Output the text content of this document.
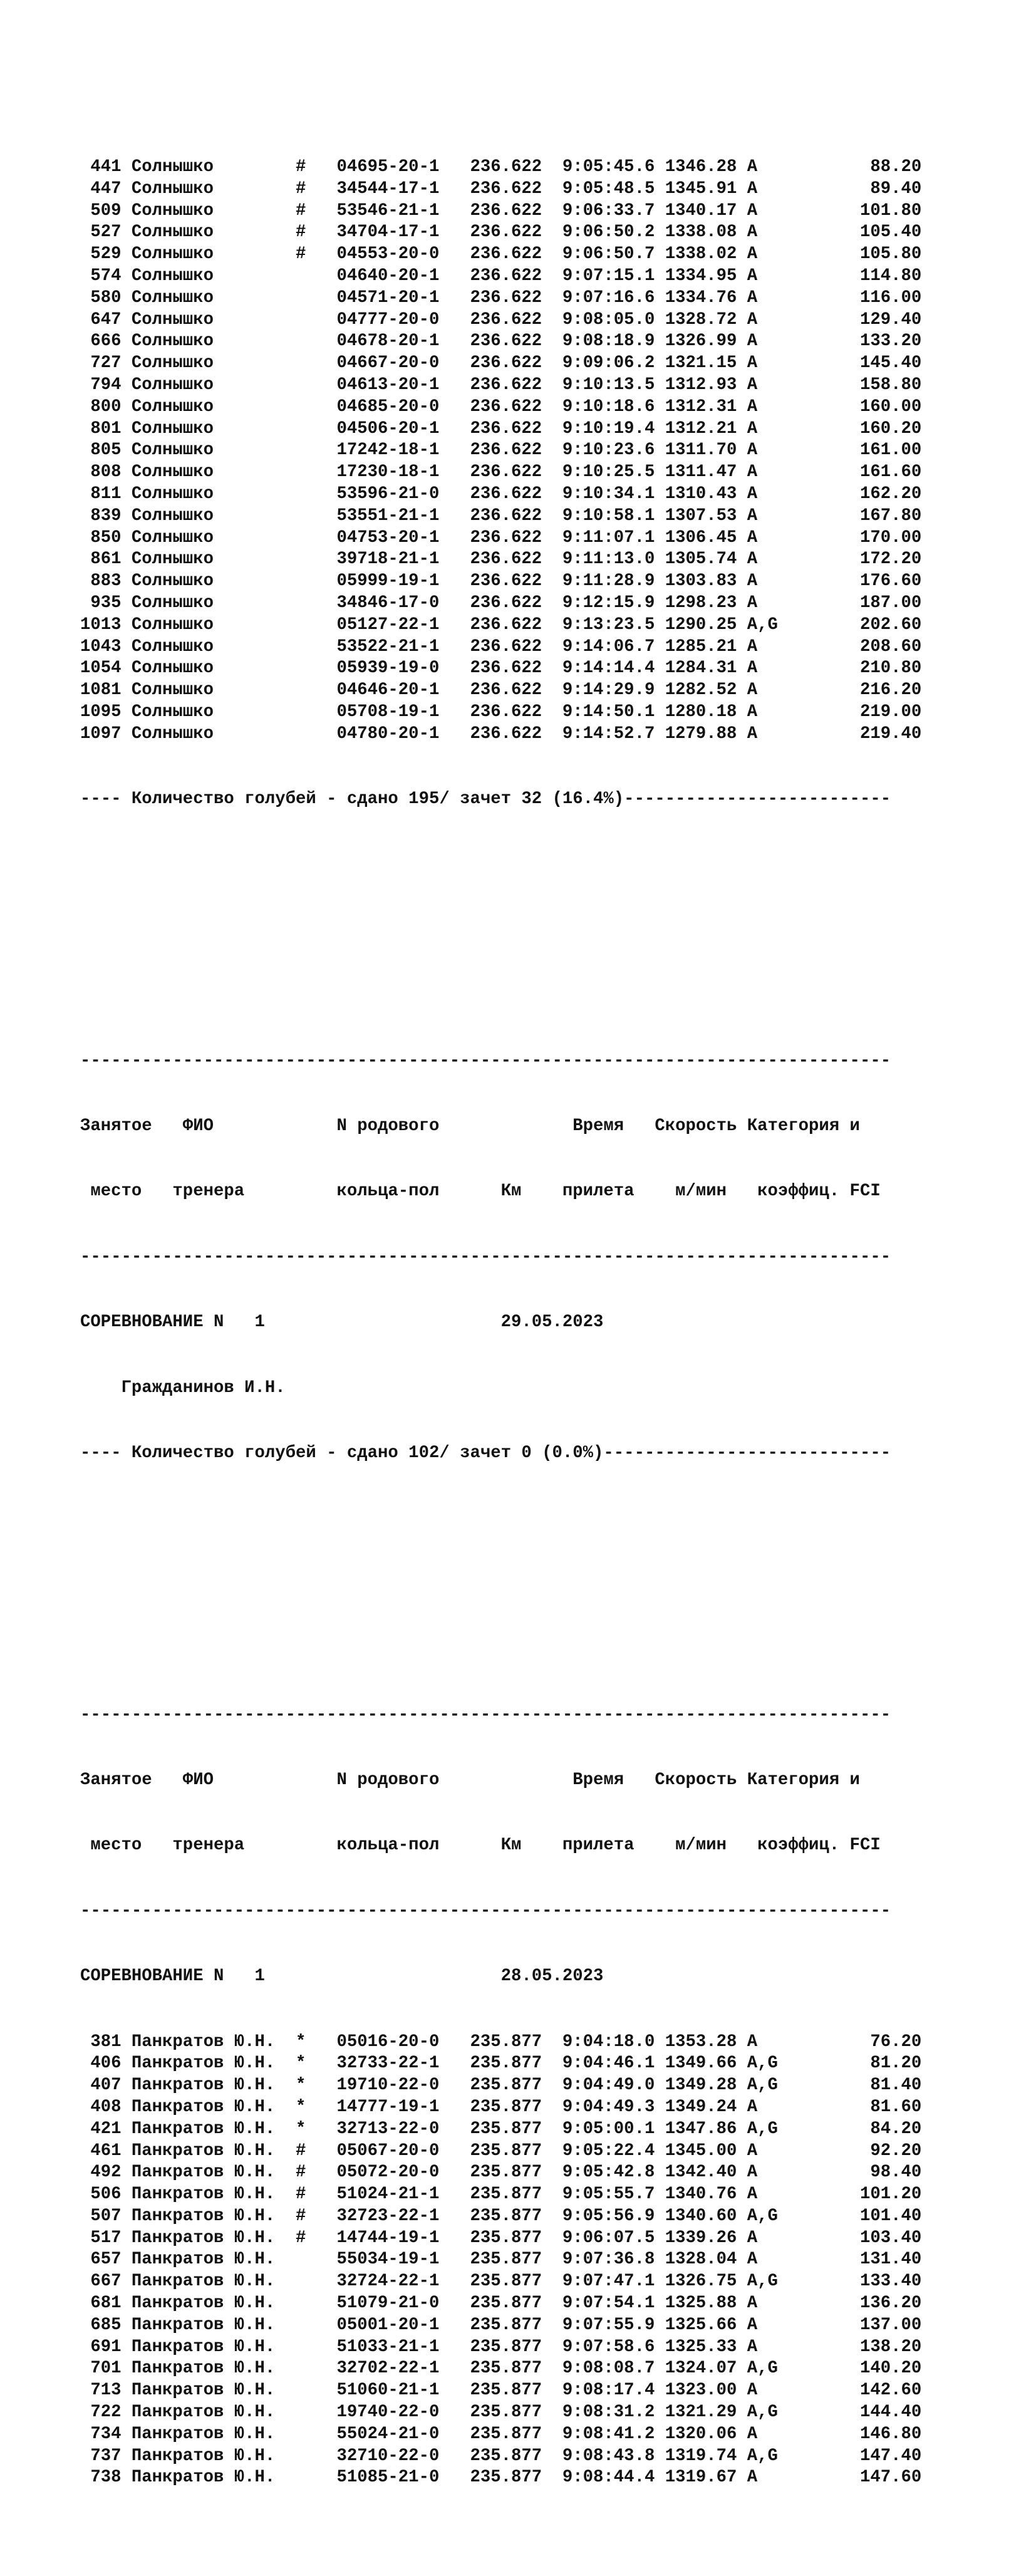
441 Солнышко        #   04695-20-1   236.622  9:05:45.6 1346.28 A           88.20
447 Солнышко        #   34544-17-1   236.622  9:05:48.5 1345.91 A           89.40
509 Солнышко        #   53546-21-1   236.622  9:06:33.7 1340.17 A          101.80
527 Солнышко        #   34704-17-1   236.622  9:06:50.2 1338.08 A          105.40
529 Солнышко        #   04553-20-0   236.622  9:06:50.7 1338.02 A          105.80
574 Солнышко            04640-20-1   236.622  9:07:15.1 1334.95 A          114.80
580 Солнышко            04571-20-1   236.622  9:07:16.6 1334.76 A          116.00
647 Солнышко            04777-20-0   236.622  9:08:05.0 1328.72 A          129.40
666 Солнышко            04678-20-1   236.622  9:08:18.9 1326.99 A          133.20
727 Солнышко            04667-20-0   236.622  9:09:06.2 1321.15 A          145.40
794 Солнышко            04613-20-1   236.622  9:10:13.5 1312.93 A          158.80
800 Солнышко            04685-20-0   236.622  9:10:18.6 1312.31 A          160.00
801 Солнышко            04506-20-1   236.622  9:10:19.4 1312.21 A          160.20
805 Солнышко            17242-18-1   236.622  9:10:23.6 1311.70 A          161.00
808 Солнышко            17230-18-1   236.622  9:10:25.5 1311.47 A          161.60
811 Солнышко            53596-21-0   236.622  9:10:34.1 1310.43 A          162.20
839 Солнышко            53551-21-1   236.622  9:10:58.1 1307.53 A          167.80
850 Солнышко            04753-20-1   236.622  9:11:07.1 1306.45 A          170.00
861 Солнышко            39718-21-1   236.622  9:11:13.0 1305.74 A          172.20
883 Солнышко            05999-19-1   236.622  9:11:28.9 1303.83 A          176.60
935 Солнышко            34846-17-0   236.622  9:12:15.9 1298.23 A          187.00
1013 Солнышко            05127-22-1   236.622  9:13:23.5 1290.25 A,G        202.60
1043 Солнышко            53522-21-1   236.622  9:14:06.7 1285.21 A          208.60
1054 Солнышко            05939-19-0   236.622  9:14:14.4 1284.31 A          210.80
1081 Солнышко            04646-20-1   236.622  9:14:29.9 1282.52 A          216.20
1095 Солнышко            05708-19-1   236.622  9:14:50.1 1280.18 A          219.00
1097 Солнышко            04780-20-1   236.622  9:14:52.7 1279.88 A          219.40

---- Количество голубей - сдано 195/ зачет 32 (16.4%)--------------------------

-------------------------------------------------------------------------------

Занятое   ФИО            N родового             Время   Скорость Категория и

место   тренера         кольца-пол      Км    прилета    м/мин   коэффиц. FCI

-------------------------------------------------------------------------------

СОРЕВНОВАНИЕ N   1                       29.05.2023

Гражданинов И.Н.

---- Количество голубей - сдано 102/ зачет 0 (0.0%)----------------------------

-------------------------------------------------------------------------------

Занятое   ФИО            N родового             Время   Скорость Категория и

место   тренера         кольца-пол      Км    прилета    м/мин   коэффиц. FCI

-------------------------------------------------------------------------------

СОРЕВНОВАНИЕ N   1                       28.05.2023

381 Панкратов Ю.Н.  *   05016-20-0   235.877  9:04:18.0 1353.28 A           76.20
406 Панкратов Ю.Н.  *   32733-22-1   235.877  9:04:46.1 1349.66 A,G         81.20
407 Панкратов Ю.Н.  *   19710-22-0   235.877  9:04:49.0 1349.28 A,G         81.40
408 Панкратов Ю.Н.  *   14777-19-1   235.877  9:04:49.3 1349.24 A           81.60
421 Панкратов Ю.Н.  *   32713-22-0   235.877  9:05:00.1 1347.86 A,G         84.20
461 Панкратов Ю.Н.  #   05067-20-0   235.877  9:05:22.4 1345.00 A           92.20
492 Панкратов Ю.Н.  #   05072-20-0   235.877  9:05:42.8 1342.40 A           98.40
506 Панкратов Ю.Н.  #   51024-21-1   235.877  9:05:55.7 1340.76 A          101.20
507 Панкратов Ю.Н.  #   32723-22-1   235.877  9:05:56.9 1340.60 A,G        101.40
517 Панкратов Ю.Н.  #   14744-19-1   235.877  9:06:07.5 1339.26 A          103.40
657 Панкратов Ю.Н.      55034-19-1   235.877  9:07:36.8 1328.04 A          131.40
667 Панкратов Ю.Н.      32724-22-1   235.877  9:07:47.1 1326.75 A,G        133.40
681 Панкратов Ю.Н.      51079-21-0   235.877  9:07:54.1 1325.88 A          136.20
685 Панкратов Ю.Н.      05001-20-1   235.877  9:07:55.9 1325.66 A          137.00
691 Панкратов Ю.Н.      51033-21-1   235.877  9:07:58.6 1325.33 A          138.20
701 Панкратов Ю.Н.      32702-22-1   235.877  9:08:08.7 1324.07 A,G        140.20
713 Панкратов Ю.Н.      51060-21-1   235.877  9:08:17.4 1323.00 A          142.60
722 Панкратов Ю.Н.      19740-22-0   235.877  9:08:31.2 1321.29 A,G        144.40
734 Панкратов Ю.Н.      55024-21-0   235.877  9:08:41.2 1320.06 A          146.80
737 Панкратов Ю.Н.      32710-22-0   235.877  9:08:43.8 1319.74 A,G        147.40
738 Панкратов Ю.Н.      51085-21-0   235.877  9:08:44.4 1319.67 A          147.60
